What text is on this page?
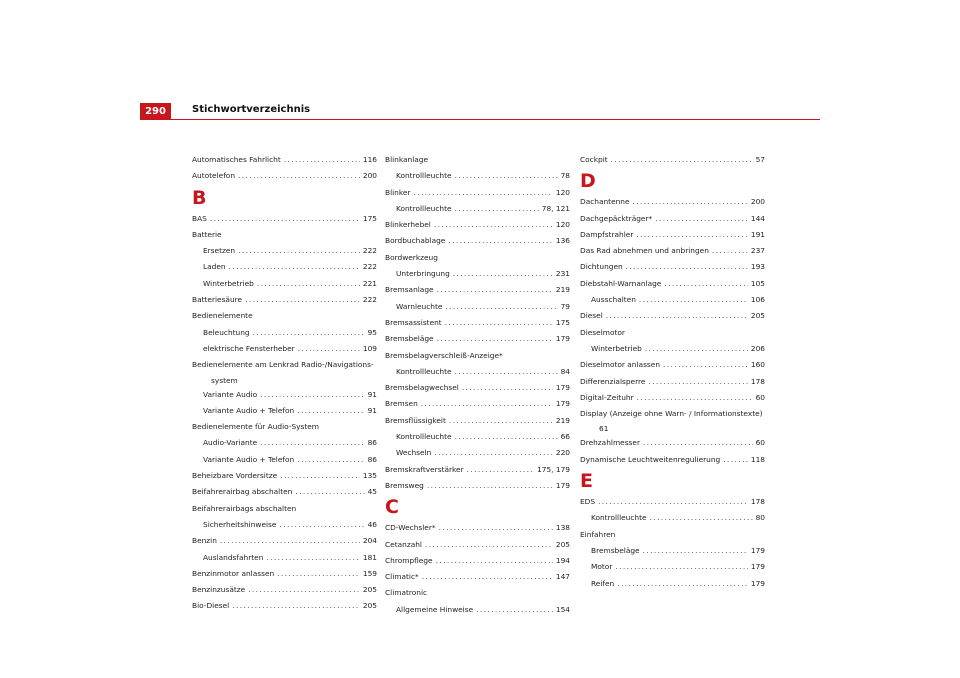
290	Stichwortverzeichnis
Automatisches Fahrlicht .....	116
Autotelefon .....	200
B
BAS .....	175
Batterie
Ersetzen .....	222
Laden .....	222
Winterbetrieb .....	221
Batteriesäure .....	222
Bedienelemente
Beleuchtung .....	95
elektrische Fensterheber .....	109
Bedienelemente am Lenkrad Radio-/Navigations-
system
Variante Audio .....	91
Variante Audio + Telefon .....	91
Bedienelemente für Audio-System
Audio-Variante .....	86
Variante Audio + Telefon .....	86
Beheizbare Vordersitze .....	135
Beifahrerairbag abschalten .....	45
Beifahrerairbags abschalten
Sicherheitshinweise .....	46
Benzin .....	204
Auslandsfahrten .....	181
Benzinmotor anlassen .....	159
Benzinzusätze .....	205
Bio-Diesel .....	205
Blinkanlage
Kontrollleuchte .....	78
Blinker .....	120
Kontrollleuchte .....	78, 121
Blinkerhebel .....	120
Bordbuchablage .....	136
Bordwerkzeug
Unterbringung .....	231
Bremsanlage .....	219
Warnleuchte .....	79
Bremsassistent .....	175
Bremsbeläge .....	179
Bremsbelagverschleiß-Anzeige*
Kontrollleuchte .....	84
Bremsbelagwechsel .....	179
Bremsen .....	179
Bremsflüssigkeit .....	219
Kontrollleuchte .....	66
Wechseln .....	220
Bremskraftverstärker .....	175, 179
Bremsweg .....	179
C
CD-Wechsler* .....	138
Cetanzahl .....	205
Chrompflege .....	194
Climatic* .....	147
Climatronic
Allgemeine Hinweise .....	154
Cockpit .....	57
D
Dachantenne .....	200
Dachgepäckträger* .....	144
Dampfstrahler .....	191
Das Rad abnehmen und anbringen .....	237
Dichtungen .....	193
Diebstahl-Warnanlage .....	105
Ausschalten .....	106
Diesel .....	205
Dieselmotor
Winterbetrieb .....	206
Dieselmotor anlassen .....	160
Differenzialsperre .....	178
Digital-Zeituhr .....	60
Display (Anzeige ohne Warn- / Informationstexte)
61
Drehzahlmesser .....	60
Dynamische Leuchtweitenregulierung .....	118
E
EDS .....	178
Kontrollleuchte .....	80
Einfahren
Bremsbeläge .....	179
Motor .....	179
Reifen .....	179
